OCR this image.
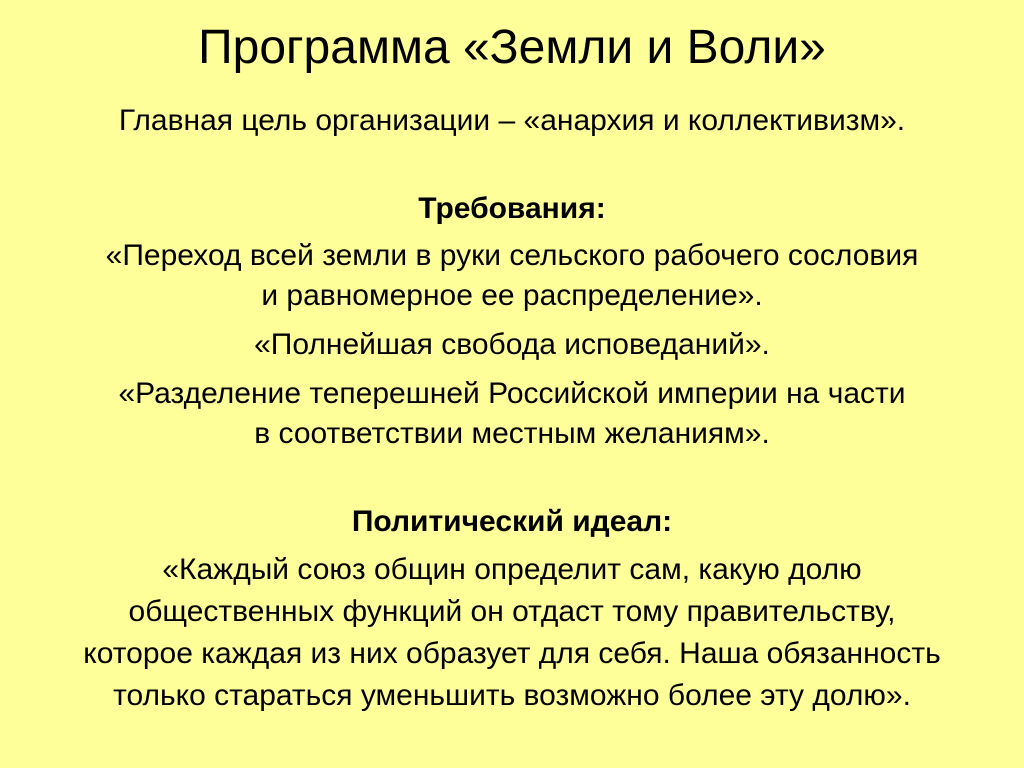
Программа «Земли и Воли»

Главная цель организации – «анархия и коллективизм».

Требования:

«Переход всей земли в руки сельского рабочего сословия

и равномерное ее распределение».

«Полнейшая свобода исповеданий».

«Разделение теперешней Российской империи на части

в соответствии местным желаниям».

Политический идеал:

«Каждый союз общин определит сам, какую долю

общественных функций он отдаст тому правительству,

которое каждая из них образует для себя. Наша обязанность

только стараться уменьшить возможно более эту долю».
